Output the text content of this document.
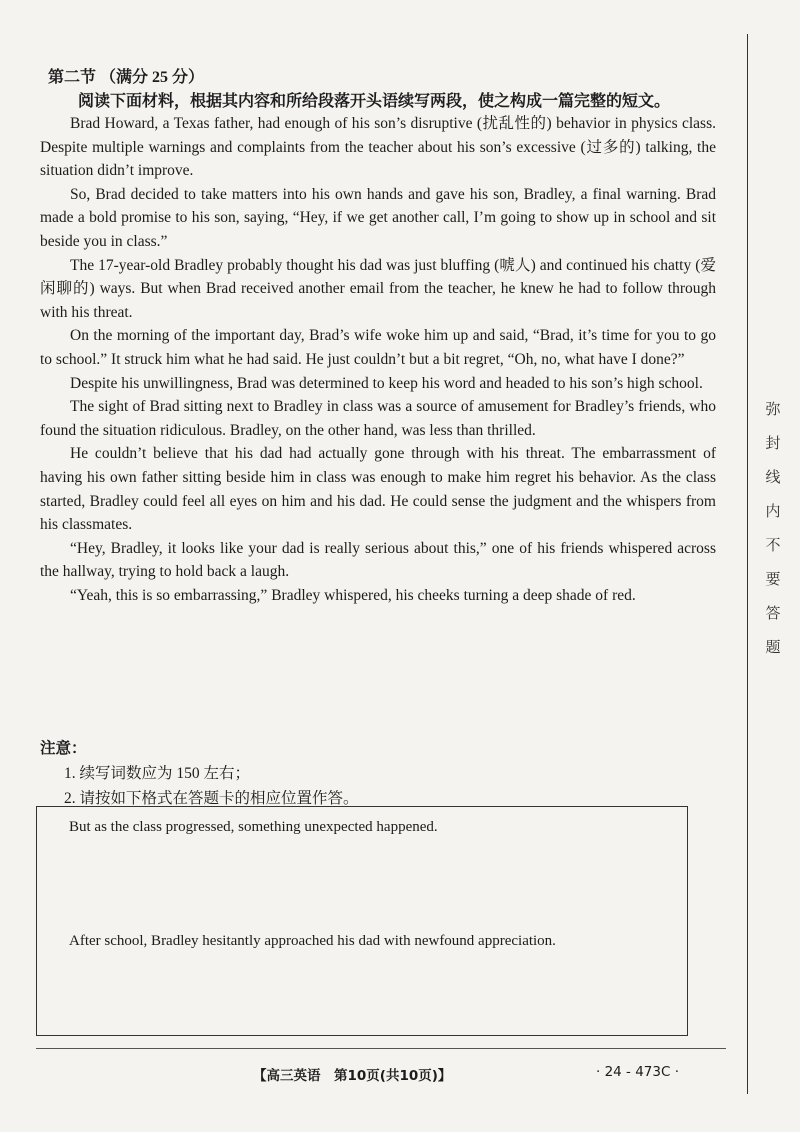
第二节 （满分 25 分）
阅读下面材料，根据其内容和所给段落开头语续写两段，使之构成一篇完整的短文。

Brad Howard, a Texas father, had enough of his son’s disruptive (扰乱性的) behavior in physics class. Despite multiple warnings and complaints from the teacher about his son’s excessive (过多的) talking, the situation didn’t improve.

So, Brad decided to take matters into his own hands and gave his son, Bradley, a final warning. Brad made a bold promise to his son, saying, “Hey, if we get another call, I’m going to show up in school and sit beside you in class.”

The 17-year-old Bradley probably thought his dad was just bluffing (唬人) and continued his chatty (爱闲聊的) ways. But when Brad received another email from the teacher, he knew he had to follow through with his threat.

On the morning of the important day, Brad’s wife woke him up and said, “Brad, it’s time for you to go to school.” It struck him what he had said. He just couldn’t but a bit regret, “Oh, no, what have I done?”

Despite his unwillingness, Brad was determined to keep his word and headed to his son’s high school.

The sight of Brad sitting next to Bradley in class was a source of amusement for Bradley’s friends, who found the situation ridiculous. Bradley, on the other hand, was less than thrilled.

He couldn’t believe that his dad had actually gone through with his threat. The embarrassment of having his own father sitting beside him in class was enough to make him regret his behavior. As the class started, Bradley could feel all eyes on him and his dad. He could sense the judgment and the whispers from his classmates.

“Hey, Bradley, it looks like your dad is really serious about this,” one of his friends whispered across the hallway, trying to hold back a laugh.

“Yeah, this is so embarrassing,” Bradley whispered, his cheeks turning a deep shade of red.

注意：
1. 续写词数应为 150 左右；
2. 请按如下格式在答题卡的相应位置作答。
But as the class progressed, something unexpected happened.
After school, Bradley hesitantly approached his dad with newfound appreciation.
【高三英语　第10页(共10页)】	· 24 - 473C ·
弥
封
线
内
不
要
答
题
